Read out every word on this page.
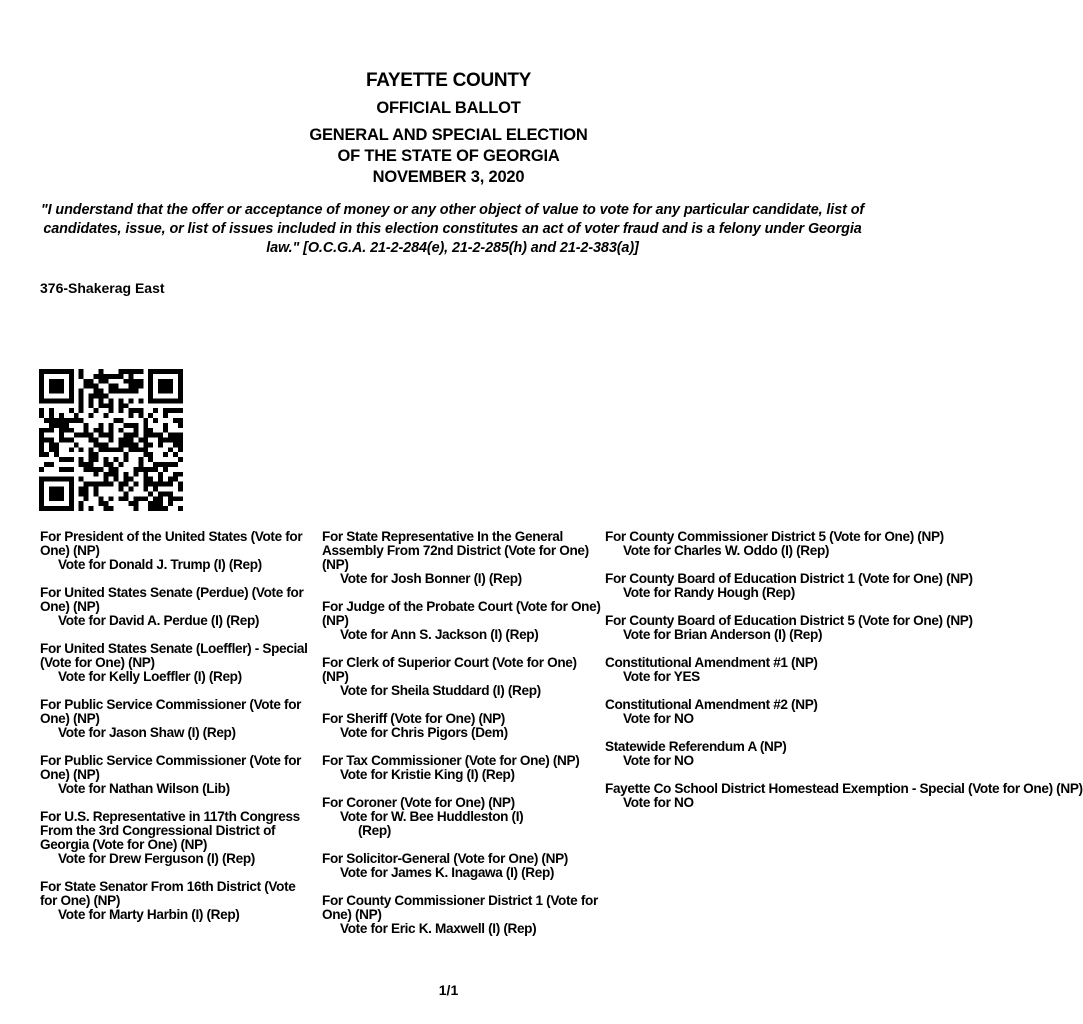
FAYETTE COUNTY
OFFICIAL BALLOT
GENERAL AND SPECIAL ELECTION
OF THE STATE OF GEORGIA
NOVEMBER 3, 2020
"I understand that the offer or acceptance of money or any other object of value to vote for any particular candidate, list of candidates, issue, or list of issues included in this election constitutes an act of voter fraud and is a felony under Georgia law." [O.C.G.A. 21-2-284(e), 21-2-285(h) and 21-2-383(a)]
376-Shakerag East
For President of the United States (Vote for One) (NP)
Vote for Donald J. Trump (I) (Rep)
For United States Senate (Perdue) (Vote for One) (NP)
Vote for David A. Perdue (I) (Rep)
For United States Senate (Loeffler) - Special (Vote for One) (NP)
Vote for Kelly Loeffler (I) (Rep)
For Public Service Commissioner (Vote for One) (NP)
Vote for Jason Shaw (I) (Rep)
For Public Service Commissioner (Vote for One) (NP)
Vote for Nathan Wilson (Lib)
For U.S. Representative in 117th Congress From the 3rd Congressional District of Georgia (Vote for One) (NP)
Vote for Drew Ferguson (I) (Rep)
For State Senator From 16th District (Vote for One) (NP)
Vote for Marty Harbin (I) (Rep)
For State Representative In the General Assembly From 72nd District (Vote for One) (NP)
Vote for Josh Bonner (I) (Rep)
For Judge of the Probate Court (Vote for One) (NP)
Vote for Ann S. Jackson (I) (Rep)
For Clerk of Superior Court (Vote for One) (NP)
Vote for Sheila Studdard (I) (Rep)
For Sheriff (Vote for One) (NP)
Vote for Chris Pigors (Dem)
For Tax Commissioner (Vote for One) (NP)
Vote for Kristie King (I) (Rep)
For Coroner (Vote for One) (NP)
Vote for W. Bee Huddleston (I)
(Rep)
For Solicitor-General (Vote for One) (NP)
Vote for James K. Inagawa (I) (Rep)
For County Commissioner District 1 (Vote for One) (NP)
Vote for Eric K. Maxwell (I) (Rep)
For County Commissioner District 5 (Vote for One) (NP)
Vote for Charles W. Oddo (I) (Rep)
For County Board of Education District 1 (Vote for One) (NP)
Vote for Randy Hough (Rep)
For County Board of Education District 5 (Vote for One) (NP)
Vote for Brian Anderson (I) (Rep)
Constitutional Amendment #1 (NP)
Vote for YES
Constitutional Amendment #2 (NP)
Vote for NO
Statewide Referendum A (NP)
Vote for NO
Fayette Co School District Homestead Exemption - Special (Vote for One) (NP)
Vote for NO
1/1
